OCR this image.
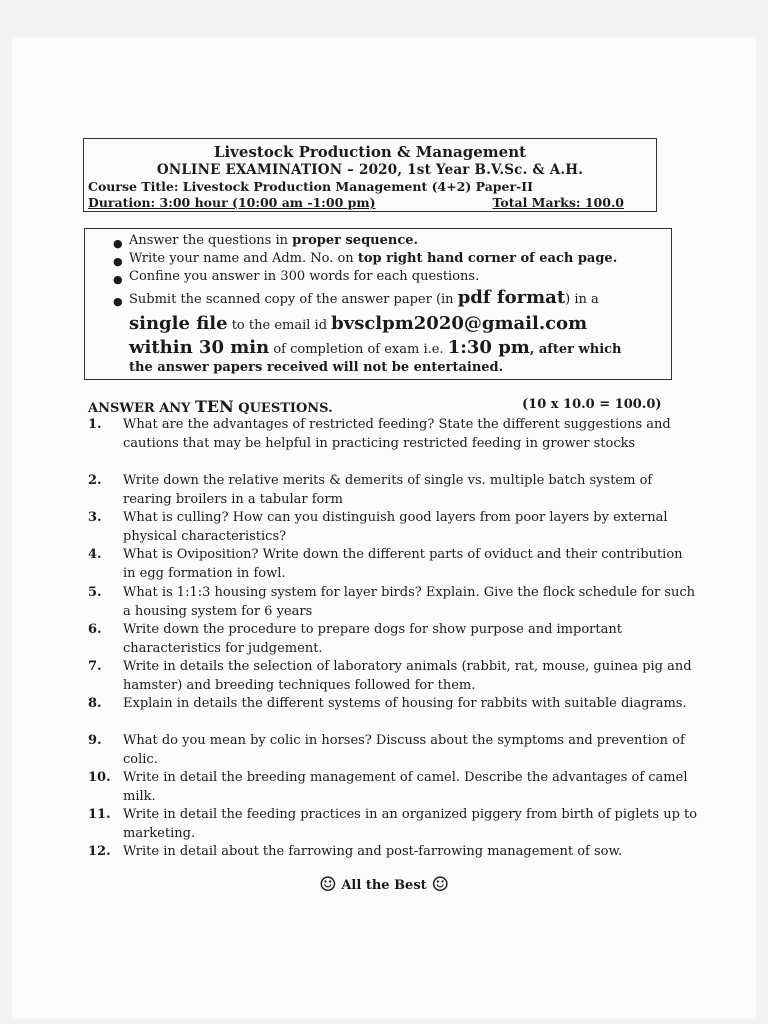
Livestock Production & Management
ONLINE EXAMINATION – 2020, 1st Year B.V.Sc. & A.H.
Course Title: Livestock Production Management (4+2) Paper-II
Duration: 3:00 hour (10:00 am -1:00 pm)	Total Marks: 100.0
● Answer the questions in proper sequence.
● Write your name and Adm. No. on top right hand corner of each page.
● Confine you answer in 300 words for each questions.
● Submit the scanned copy of the answer paper (in pdf format) in a
single file to the email id bvsclpm2020@gmail.com
within 30 min of completion of exam i.e. 1:30 pm, after which
the answer papers received will not be entertained.
ANSWER ANY TEN QUESTIONS.	(10 x 10.0 = 100.0)
1. What are the advantages of restricted feeding? State the different suggestions and cautions that may be helpful in practicing restricted feeding in grower stocks
2. Write down the relative merits & demerits of single vs. multiple batch system of rearing broilers in a tabular form
3. What is culling? How can you distinguish good layers from poor layers by external physical characteristics?
4. What is Oviposition? Write down the different parts of oviduct and their contribution in egg formation in fowl.
5. What is 1:1:3 housing system for layer birds? Explain. Give the flock schedule for such a housing system for 6 years
6. Write down the procedure to prepare dogs for show purpose and important characteristics for judgement.
7. Write in details the selection of laboratory animals (rabbit, rat, mouse, guinea pig and hamster) and breeding techniques followed for them.
8. Explain in details the different systems of housing for rabbits with suitable diagrams.
9. What do you mean by colic in horses? Discuss about the symptoms and prevention of colic.
10. Write in detail the breeding management of camel. Describe the advantages of camel milk.
11. Write in detail the feeding practices in an organized piggery from birth of piglets up to marketing.
12. Write in detail about the farrowing and post-farrowing management of sow.
☺ All the Best ☺
